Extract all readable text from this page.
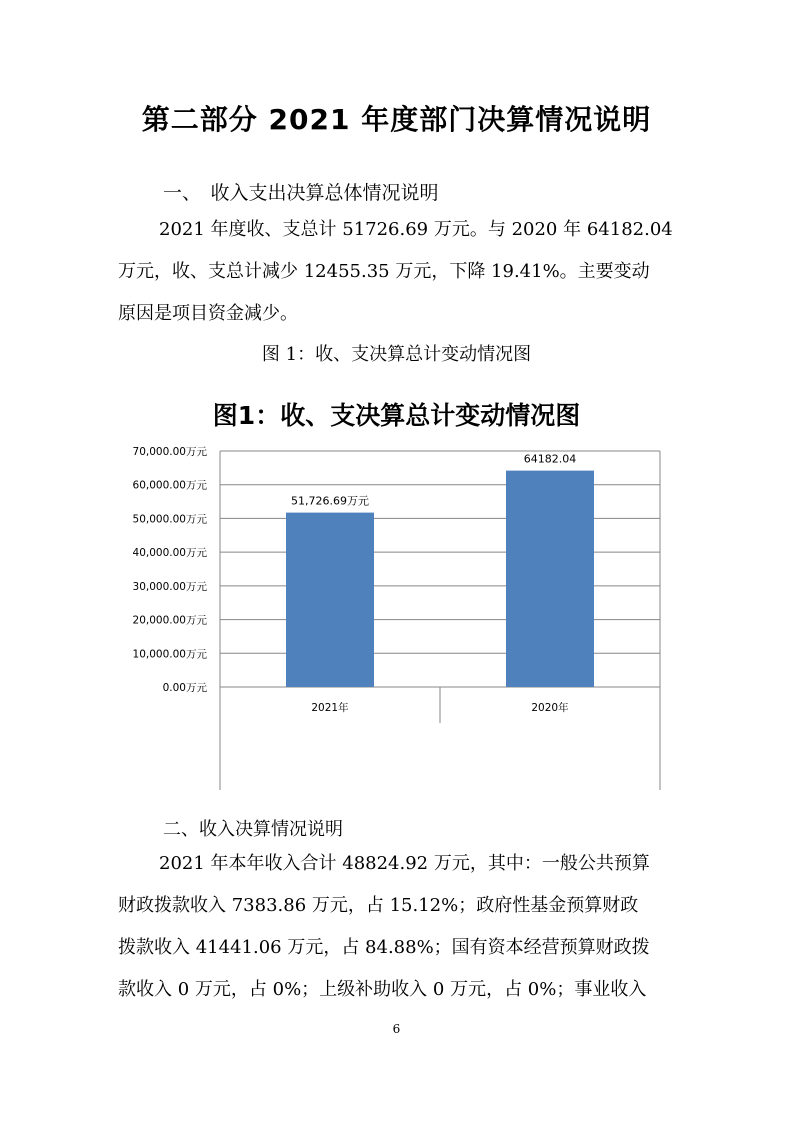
第二部分 2021 年度部门决算情况说明
一、　收入支出决算总体情况说明
2021 年度收、支总计 51726.69 万元。与 2020 年 64182.04
万元，收、支总计减少 12455.35 万元，下降 19.41%。主要变动
原因是项目资金减少。
图 1：收、支决算总计变动情况图
图1：收、支决算总计变动情况图
0.00万元
10,000.00万元
20,000.00万元
30,000.00万元
40,000.00万元
50,000.00万元
60,000.00万元
70,000.00万元
51,726.69万元
2021年
64182.04
2020年
二、收入决算情况说明
2021 年本年收入合计 48824.92 万元，其中：一般公共预算
财政拨款收入 7383.86 万元，占 15.12%；政府性基金预算财政
拨款收入 41441.06 万元，占 84.88%；国有资本经营预算财政拨
款收入 0 万元，占 0%；上级补助收入 0 万元，占 0%；事业收入
6
